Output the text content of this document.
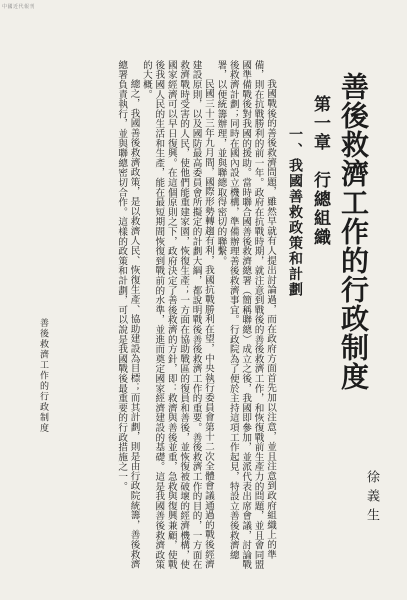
中國近代報刊
善後救濟工作的行政制度
徐義生
第一章　行總組織
一、我國善救政策和計劃

我國戰後的善後救濟問題，雖然早就有人提出討論過，而在政府方面首先加以注意，並且注意到政府組織上的準備，則在抗戰勝利的前一年。政府在抗戰時期，就注意到戰後的善後救濟工作，和恢復戰前生產力的問題，並且會同盟國準備戰後對我國的援助。當時聯合國善後救濟總署（簡稱聯總）成立之後，我國即參加，並派代表出席會議，討論戰後救濟計劃；同時在國內設立機構，準備辦理善後救濟事宜。行政院為了便於主持這項工作起見，特設立善後救濟總署，以便統籌辦理，並與聯總取得密切的聯繫。

民國三十三年九月間，國際形勢轉趨有利，我國抗戰勝利在望，中央執行委員會第十二次全體會議通過的戰後經濟建設原則，以及國防最高委員會所擬定的計劃大綱，都說明戰後善後救濟工作的重要。善後救濟工作的目的，一方面在救濟戰時受害的人民，使他們能重建家園，恢復生產；一方面在協助戰區的復員和善後，並恢復被破壞的經濟機構，使國家經濟可以早日復興。在這個原則之下，政府決定了善後救濟的方針，即：救濟與善後並重，急救與復興兼顧，使戰後我國人民的生活和生產，能在最短期間恢復到戰前的水準，並進而奠定國家經濟建設的基礎。這是我國善後救濟政策的大概。

總之，我國善後救濟政策，是以救濟人民、恢復生產、協助建設為目標；而其計劃，則是由行政院統籌，善後救濟總署負責執行，並與聯總密切合作。這樣的政策和計劃，可以說是我國戰後最重要的行政措施之一。

善後救濟工作的行政制度
